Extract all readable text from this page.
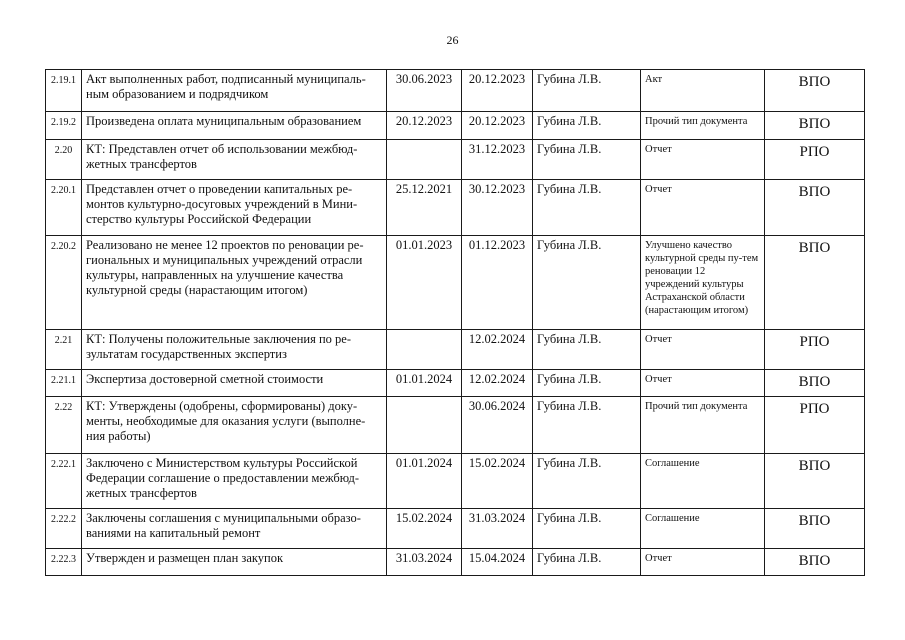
26
2.19.1	Акт выполненных работ, подписанный муниципаль-ным образованием и подрядчиком	30.06.2023	20.12.2023	Губина Л.В.	Акт	ВПО
2.19.2	Произведена оплата муниципальным образованием	20.12.2023	20.12.2023	Губина Л.В.	Прочий тип документа	ВПО
2.20	КТ: Представлен отчет об использовании межбюд-жетных трансфертов		31.12.2023	Губина Л.В.	Отчет	РПО
2.20.1	Представлен отчет о проведении капитальных ре-монтов культурно-досуговых учреждений в Мини-стерство культуры Российской Федерации	25.12.2021	30.12.2023	Губина Л.В.	Отчет	ВПО
2.20.2	Реализовано не менее 12 проектов по реновации ре-гиональных и муниципальных учреждений отрасли культуры, направленных на улучшение качества культурной среды (нарастающим итогом)	01.01.2023	01.12.2023	Губина Л.В.	Улучшено качество культурной среды пу-тем реновации 12 учреждений культуры Астраханской области (нарастающим итогом)	ВПО
2.21	КТ: Получены положительные заключения по ре-зультатам государственных экспертиз		12.02.2024	Губина Л.В.	Отчет	РПО
2.21.1	Экспертиза достоверной сметной стоимости	01.01.2024	12.02.2024	Губина Л.В.	Отчет	ВПО
2.22	КТ: Утверждены (одобрены, сформированы) доку-менты, необходимые для оказания услуги (выполне-ния работы)		30.06.2024	Губина Л.В.	Прочий тип документа	РПО
2.22.1	Заключено с Министерством культуры Российской Федерации соглашение о предоставлении межбюд-жетных трансфертов	01.01.2024	15.02.2024	Губина Л.В.	Соглашение	ВПО
2.22.2	Заключены соглашения с муниципальными образо-ваниями на капитальный ремонт	15.02.2024	31.03.2024	Губина Л.В.	Соглашение	ВПО
2.22.3	Утвержден и размещен план закупок	31.03.2024	15.04.2024	Губина Л.В.	Отчет	ВПО
